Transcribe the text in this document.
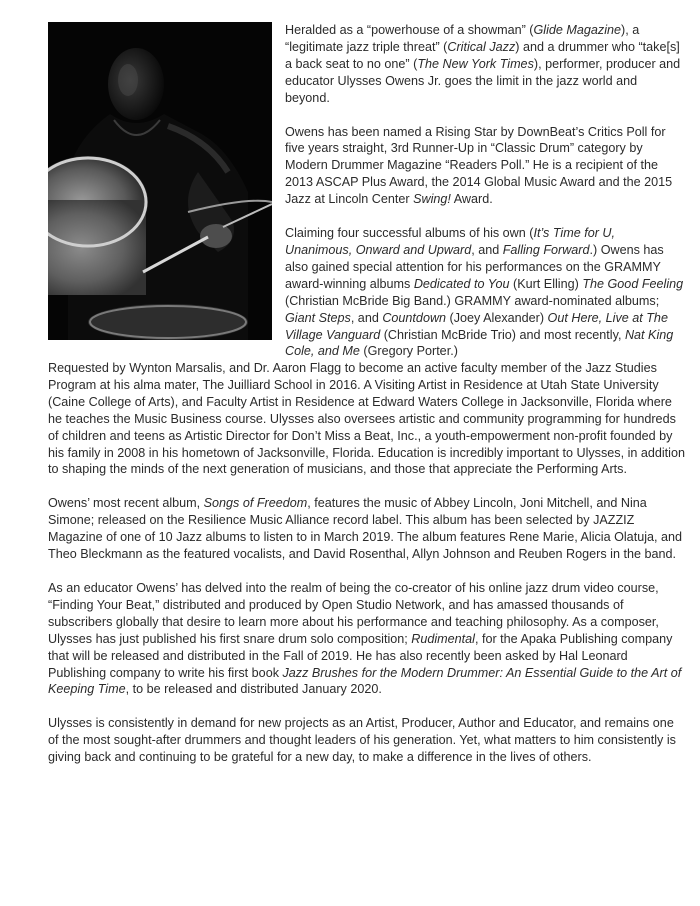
Heralded as a “powerhouse of a showman” (Glide Magazine), a “legitimate jazz triple threat” (Critical Jazz) and a drummer who “take[s] a back seat to no one” (The New York Times), performer, producer and educator Ulysses Owens Jr. goes the limit in the jazz world and beyond.

Owens has been named a Rising Star by DownBeat’s Critics Poll for five years straight, 3rd Runner-Up in “Classic Drum” category by Modern Drummer Magazine “Readers Poll.” He is a recipient of the 2013 ASCAP Plus Award, the 2014 Global Music Award and the 2015 Jazz at Lincoln Center Swing! Award.

Claiming four successful albums of his own (It’s Time for U, Unanimous, Onward and Upward, and Falling Forward.) Owens has also gained special attention for his performances on the GRAMMY award-winning albums Dedicated to You (Kurt Elling) The Good Feeling (Christian McBride Big Band.) GRAMMY award-nominated albums; Giant Steps, and Countdown (Joey Alexander) Out Here, Live at The Village Vanguard (Christian McBride Trio) and most recently, Nat King Cole, and Me (Gregory Porter.)

Requested by Wynton Marsalis, and Dr. Aaron Flagg to become an active faculty member of the Jazz Studies Program at his alma mater, The Juilliard School in 2016. A Visiting Artist in Residence at Utah State University (Caine College of Arts), and Faculty Artist in Residence at Edward Waters College in Jacksonville, Florida where he teaches the Music Business course. Ulysses also oversees artistic and community programming for hundreds of children and teens as Artistic Director for Don’t Miss a Beat, Inc., a youth-empowerment non-profit founded by his family in 2008 in his hometown of Jacksonville, Florida. Education is incredibly important to Ulysses, in addition to shaping the minds of the next generation of musicians, and those that appreciate the Performing Arts.

Owens’ most recent album, Songs of Freedom, features the music of Abbey Lincoln, Joni Mitchell, and Nina Simone; released on the Resilience Music Alliance record label. This album has been selected by JAZZIZ Magazine of one of 10 Jazz albums to listen to in March 2019. The album features Rene Marie, Alicia Olatuja, and Theo Bleckmann as the featured vocalists, and David Rosenthal, Allyn Johnson and Reuben Rogers in the band.

As an educator Owens’ has delved into the realm of being the co-creator of his online jazz drum video course, “Finding Your Beat,” distributed and produced by Open Studio Network, and has amassed thousands of subscribers globally that desire to learn more about his performance and teaching philosophy. As a composer, Ulysses has just published his first snare drum solo composition; Rudimental, for the Apaka Publishing company that will be released and distributed in the Fall of 2019. He has also recently been asked by Hal Leonard Publishing company to write his first book Jazz Brushes for the Modern Drummer: An Essential Guide to the Art of Keeping Time, to be released and distributed January 2020.

Ulysses is consistently in demand for new projects as an Artist, Producer, Author and Educator, and remains one of the most sought-after drummers and thought leaders of his generation. Yet, what matters to him consistently is giving back and continuing to be grateful for a new day, to make a difference in the lives of others.
